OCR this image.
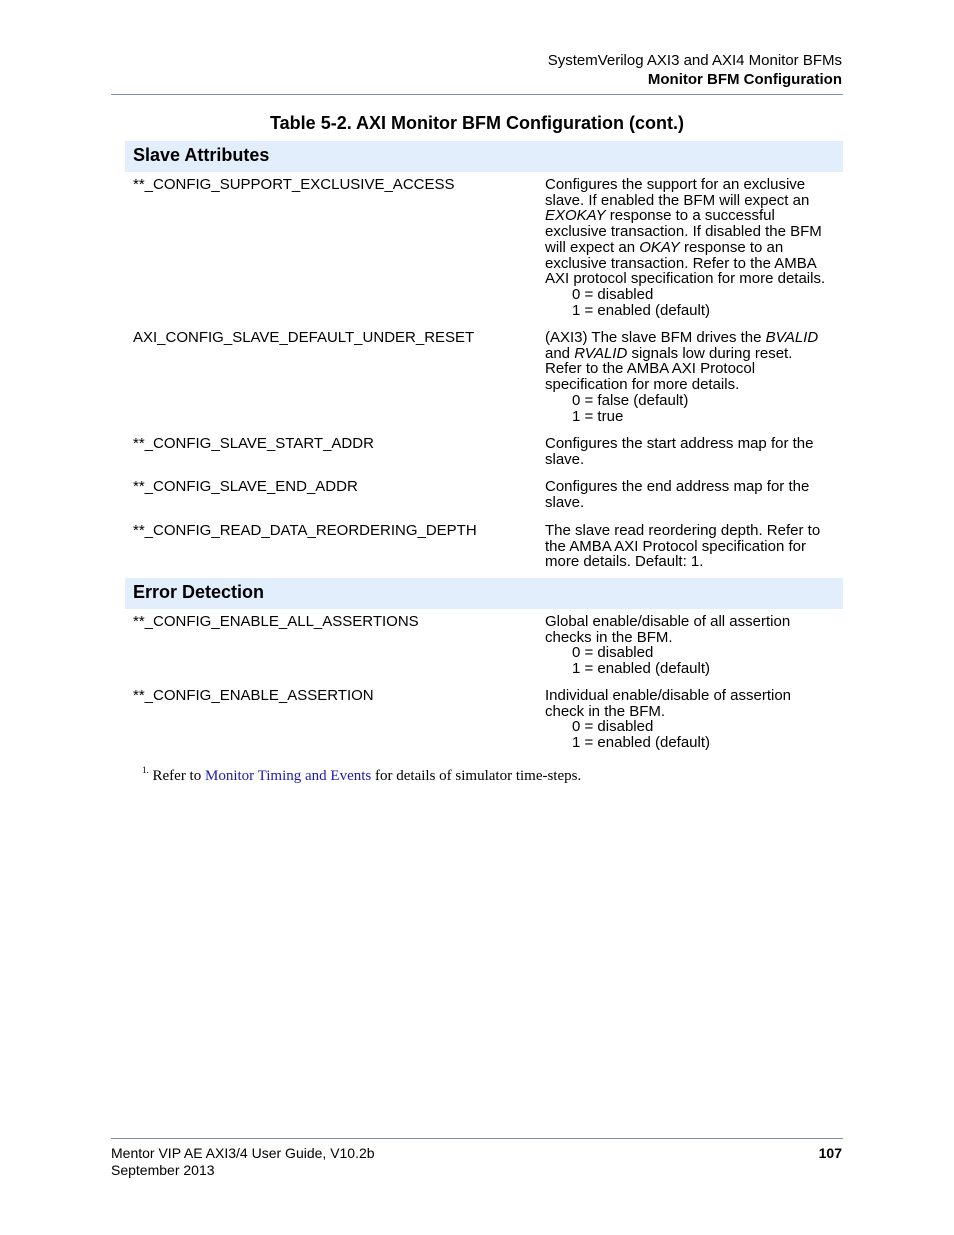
SystemVerilog AXI3 and AXI4 Monitor BFMs
Monitor BFM Configuration
Table 5-2. AXI Monitor BFM Configuration (cont.)
Slave Attributes
**_CONFIG_SUPPORT_EXCLUSIVE_ACCESS	Configures the support for an exclusive

slave. If enabled the BFM will expect an

EXOKAY response to a successful

exclusive transaction. If disabled the BFM

will expect an OKAY response to an

exclusive transaction. Refer to the AMBA

AXI protocol specification for more details.

0 = disabled

1 = enabled (default)

AXI_CONFIG_SLAVE_DEFAULT_UNDER_RESET	(AXI3) The slave BFM drives the BVALID

and RVALID signals low during reset.

Refer to the AMBA AXI Protocol

specification for more details.

0 = false (default)

1 = true

**_CONFIG_SLAVE_START_ADDR	Configures the start address map for the

slave.

**_CONFIG_SLAVE_END_ADDR	Configures the end address map for the

slave.

**_CONFIG_READ_DATA_REORDERING_DEPTH	The slave read reordering depth. Refer to

the AMBA AXI Protocol specification for

more details. Default: 1.

Error Detection
**_CONFIG_ENABLE_ALL_ASSERTIONS	Global enable/disable of all assertion

checks in the BFM.

0 = disabled

1 = enabled (default)

**_CONFIG_ENABLE_ASSERTION	Individual enable/disable of assertion

check in the BFM.

0 = disabled

1 = enabled (default)

$^{1.}$ Refer to Monitor Timing and Events for details of simulator time-steps.
Mentor VIP AE AXI3/4 User Guide, V10.2b
September 2013
107
